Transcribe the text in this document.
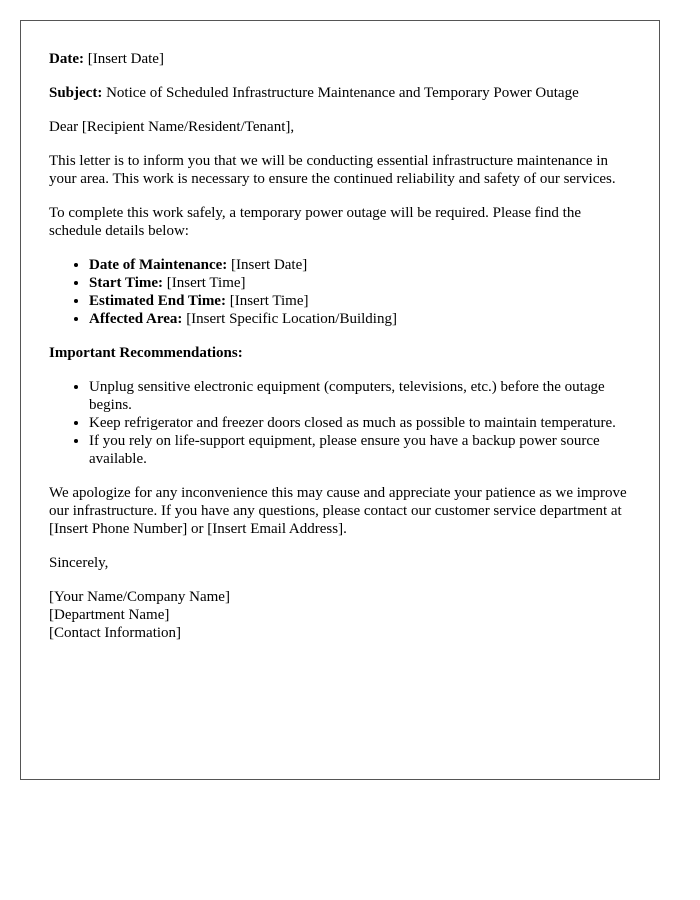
Date: [Insert Date]

Subject: Notice of Scheduled Infrastructure Maintenance and Temporary Power Outage

Dear [Recipient Name/Resident/Tenant],

This letter is to inform you that we will be conducting essential infrastructure maintenance in your area. This work is necessary to ensure the continued reliability and safety of our services.

To complete this work safely, a temporary power outage will be required. Please find the schedule details below:

• Date of Maintenance: [Insert Date]
• Start Time: [Insert Time]
• Estimated End Time: [Insert Time]
• Affected Area: [Insert Specific Location/Building]

Important Recommendations:

• Unplug sensitive electronic equipment (computers, televisions, etc.) before the outage begins.
• Keep refrigerator and freezer doors closed as much as possible to maintain temperature.
• If you rely on life-support equipment, please ensure you have a backup power source available.

We apologize for any inconvenience this may cause and appreciate your patience as we improve our infrastructure. If you have any questions, please contact our customer service department at [Insert Phone Number] or [Insert Email Address].

Sincerely,

[Your Name/Company Name]
[Department Name]
[Contact Information]
